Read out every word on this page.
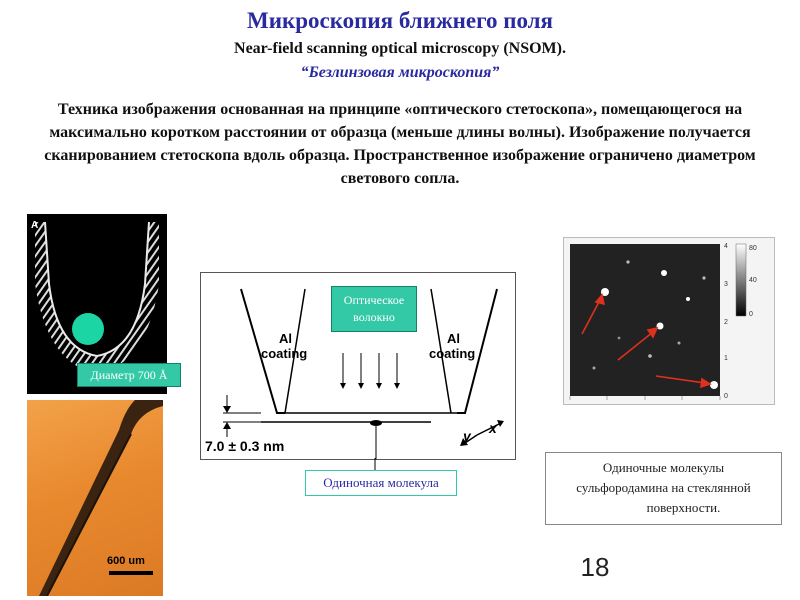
Микроскопия ближнего поля
Near-field scanning optical microscopy (NSOM).
“Безлинзовая микроскопия”
Техника изображения основанная на принципе «оптического стетоскопа», помещающегося на максимально коротком расстоянии от образца (меньше длины волны). Изображение получается сканированием стетоскопа вдоль образца. Пространственное изображение ограничено диаметром светового сопла.
A
Диаметр 700 Å
600 um
Al coating
Al coating
7.0 ± 0.3 nm
y x
Оптическое волокно
Одиночная молекула
4
3
2
1
0
80
40
0
Одиночные молекулы
сульфородамина на стеклянной
поверхности.
18
